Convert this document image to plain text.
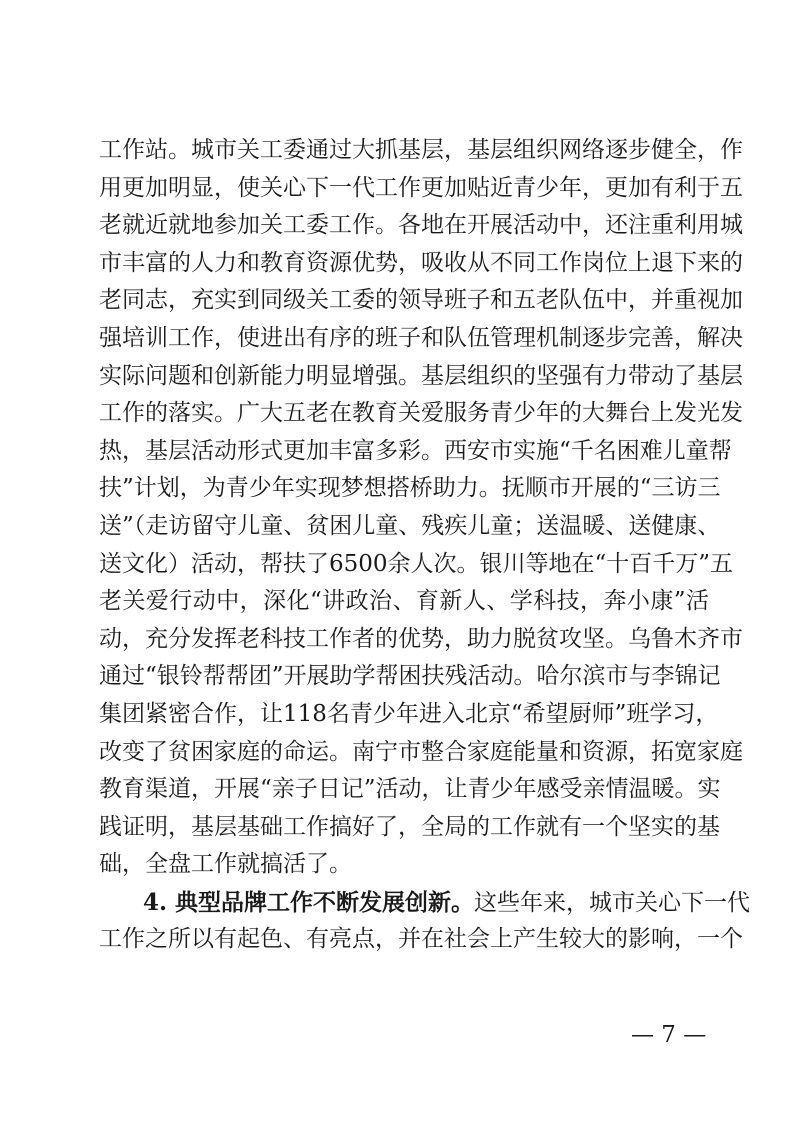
工作站。城市关工委通过大抓基层，基层组织网络逐步健全，作
用更加明显，使关心下一代工作更加贴近青少年，更加有利于五
老就近就地参加关工委工作。各地在开展活动中，还注重利用城
市丰富的人力和教育资源优势，吸收从不同工作岗位上退下来的
老同志，充实到同级关工委的领导班子和五老队伍中，并重视加
强培训工作，使进出有序的班子和队伍管理机制逐步完善，解决
实际问题和创新能力明显增强。基层组织的坚强有力带动了基层
工作的落实。广大五老在教育关爱服务青少年的大舞台上发光发
热，基层活动形式更加丰富多彩。西安市实施“千名困难儿童帮
扶”计划，为青少年实现梦想搭桥助力。抚顺市开展的“三访三
送”（走访留守儿童、贫困儿童、残疾儿童；送温暖、送健康、
送文化）活动，帮扶了6500余人次。银川等地在“十百千万”五
老关爱行动中，深化“讲政治、育新人、学科技，奔小康”活
动，充分发挥老科技工作者的优势，助力脱贫攻坚。乌鲁木齐市
通过“银铃帮帮团”开展助学帮困扶残活动。哈尔滨市与李锦记
集团紧密合作，让118名青少年进入北京“希望厨师”班学习，
改变了贫困家庭的命运。南宁市整合家庭能量和资源，拓宽家庭
教育渠道，开展“亲子日记”活动，让青少年感受亲情温暖。实
践证明，基层基础工作搞好了，全局的工作就有一个坚实的基
础，全盘工作就搞活了。
4. 典型品牌工作不断发展创新。这些年来，城市关心下一代
工作之所以有起色、有亮点，并在社会上产生较大的影响，一个
— 7 —
